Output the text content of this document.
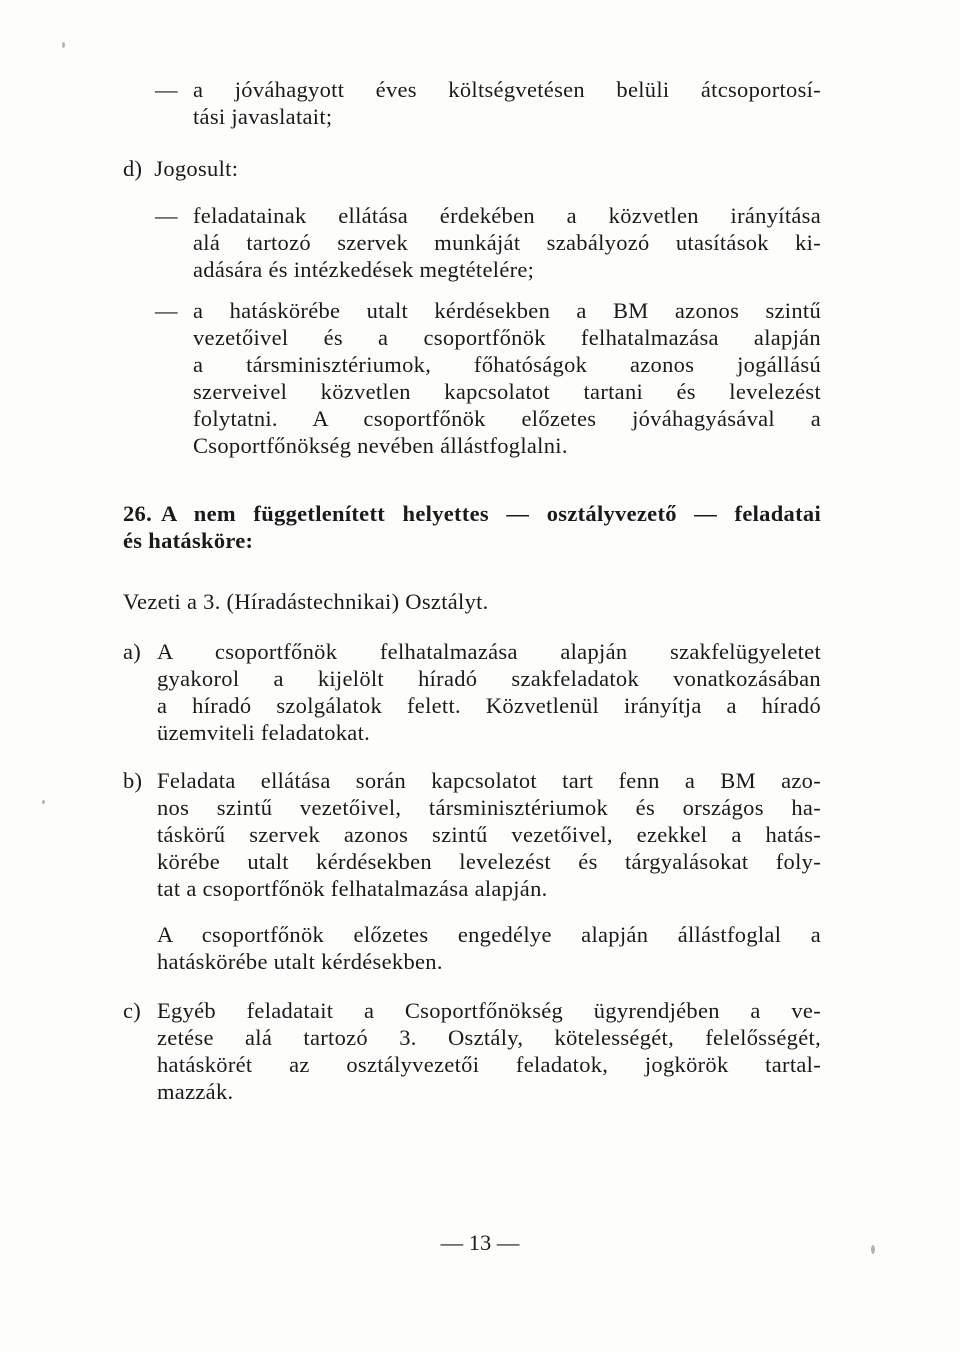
— a jóváhagyott éves költségvetésen belüli átcsoportosí-
tási javaslatait;
d) Jogosult:
— feladatainak ellátása érdekében a közvetlen irányítása
alá tartozó szervek munkáját szabályozó utasítások ki-
adására és intézkedések megtételére;
— a hatáskörébe utalt kérdésekben a BM azonos szintű
vezetőivel és a csoportfőnök felhatalmazása alapján
a társminisztériumok, főhatóságok azonos jogállású
szerveivel közvetlen kapcsolatot tartani és levelezést
folytatni. A csoportfőnök előzetes jóváhagyásával a
Csoportfőnökség nevében állástfoglalni.
26. A nem függetlenített helyettes — osztályvezető — feladatai
és hatásköre:
Vezeti a 3. (Híradástechnikai) Osztályt.
a) A csoportfőnök felhatalmazása alapján szakfelügyeletet
gyakorol a kijelölt híradó szakfeladatok vonatkozásában
a híradó szolgálatok felett. Közvetlenül irányítja a híradó
üzemviteli feladatokat.
b) Feladata ellátása során kapcsolatot tart fenn a BM azo-
nos szintű vezetőivel, társminisztériumok és országos ha-
táskörű szervek azonos szintű vezetőivel, ezekkel a hatás-
körébe utalt kérdésekben levelezést és tárgyalásokat foly-
tat a csoportfőnök felhatalmazása alapján.
A csoportfőnök előzetes engedélye alapján állástfoglal a
hatáskörébe utalt kérdésekben.
c) Egyéb feladatait a Csoportfőnökség ügyrendjében a ve-
zetése alá tartozó 3. Osztály, kötelességét, felelősségét,
hatáskörét az osztályvezetői feladatok, jogkörök tartal-
mazzák.
— 13 —
